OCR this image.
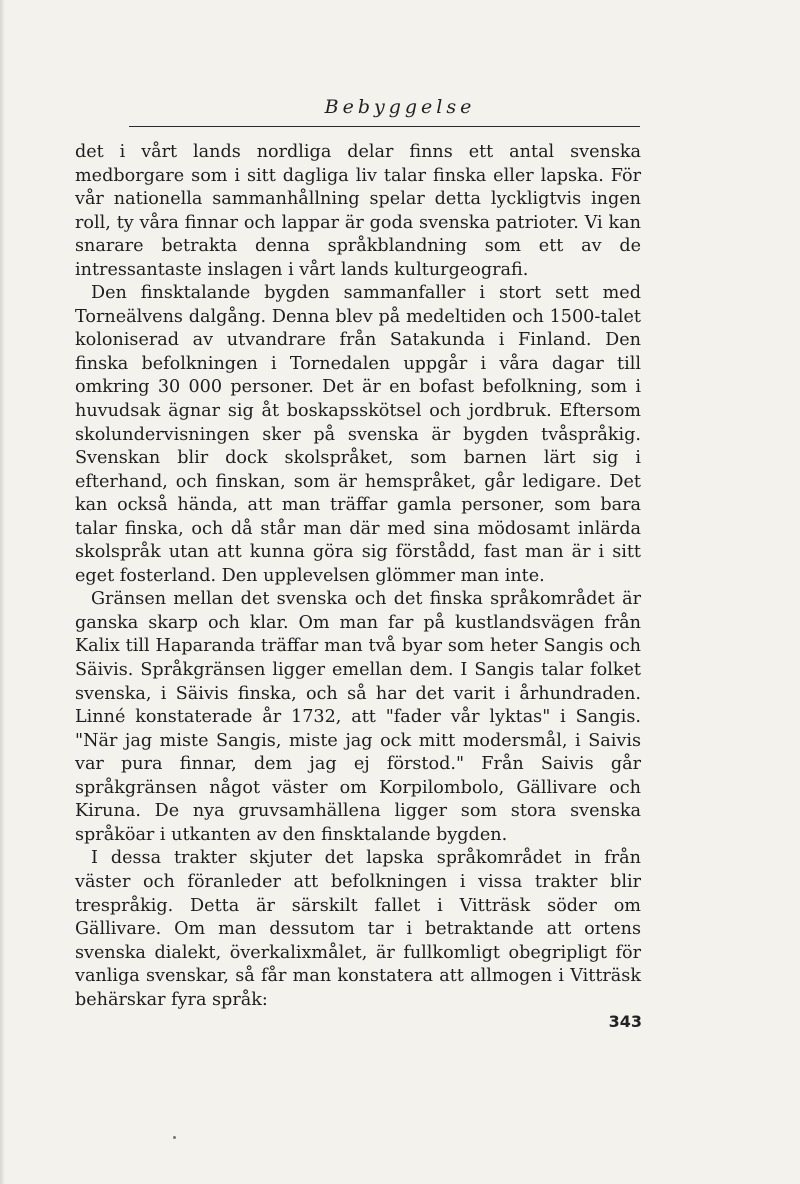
Bebyggelse

det i vårt lands nordliga delar finns ett antal svenska medborgare som i sitt dagliga liv talar finska eller lapska. För vår nationella sammanhållning spelar detta lyckligtvis ingen roll, ty våra finnar och lappar är goda svenska patrioter. Vi kan snarare betrakta denna språkblandning som ett av de intressantaste inslagen i vårt lands kulturgeografi.

Den finsktalande bygden sammanfaller i stort sett med Torneälvens dalgång. Denna blev på medeltiden och 1500-talet koloniserad av utvandrare från Satakunda i Finland. Den finska befolkningen i Tornedalen uppgår i våra dagar till omkring 30 000 personer. Det är en bofast befolkning, som i huvudsak ägnar sig åt boskapsskötsel och jordbruk. Eftersom skolundervisningen sker på svenska är bygden tvåspråkig. Svenskan blir dock skolspråket, som barnen lärt sig i efterhand, och finskan, som är hemspråket, går ledigare. Det kan också hända, att man träffar gamla personer, som bara talar finska, och då står man där med sina mödosamt inlärda skolspråk utan att kunna göra sig förstådd, fast man är i sitt eget fosterland. Den upplevelsen glömmer man inte.

Gränsen mellan det svenska och det finska språkområdet är ganska skarp och klar. Om man far på kustlandsvägen från Kalix till Haparanda träffar man två byar som heter Sangis och Säivis. Språkgränsen ligger emellan dem. I Sangis talar folket svenska, i Säivis finska, och så har det varit i århundraden. Linné konstaterade år 1732, att "fader vår lyktas" i Sangis. "När jag miste Sangis, miste jag ock mitt modersmål, i Saivis var pura finnar, dem jag ej förstod." Från Saivis går språkgränsen något väster om Korpilombolo, Gällivare och Kiruna. De nya gruvsamhällena ligger som stora svenska språköar i utkanten av den finsktalande bygden.

I dessa trakter skjuter det lapska språkområdet in från väster och föranleder att befolkningen i vissa trakter blir trespråkig. Detta är särskilt fallet i Vitträsk söder om Gällivare. Om man dessutom tar i betraktande att ortens svenska dialekt, överkalixmålet, är fullkomligt obegripligt för vanliga svenskar, så får man konstatera att allmogen i Vitträsk behärskar fyra språk:

343
